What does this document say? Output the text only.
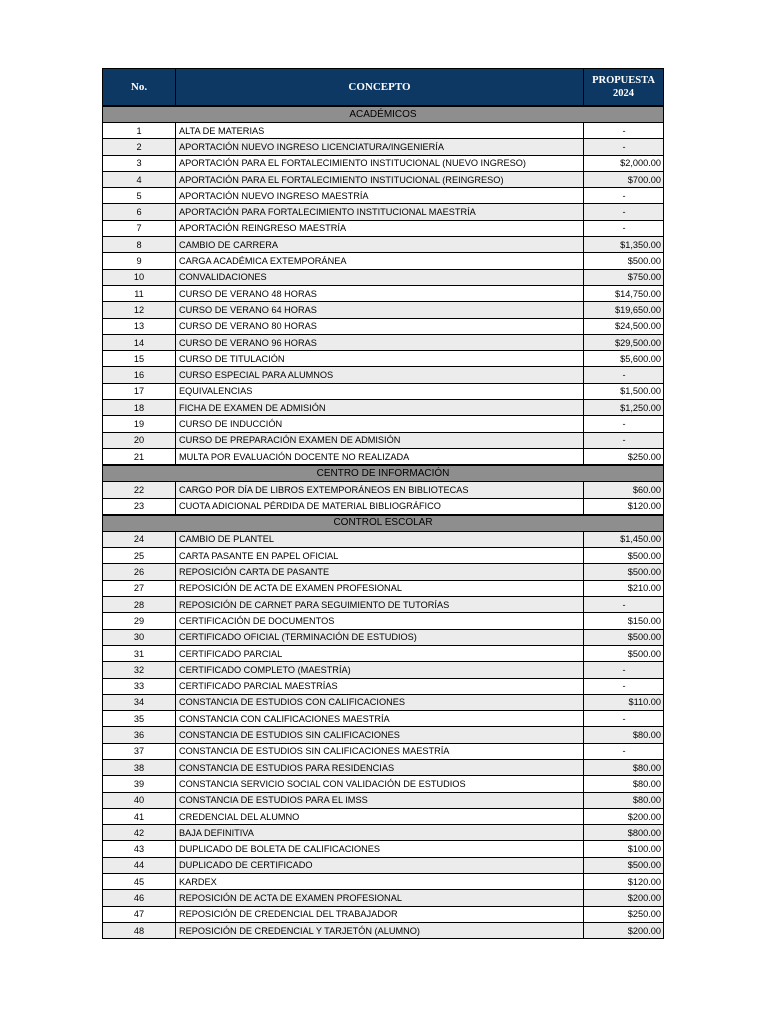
No.	CONCEPTO	PROPUESTA
2024
ACADÉMICOS		
1	ALTA DE MATERIAS	-
2	APORTACIÓN NUEVO INGRESO LICENCIATURA/INGENIERÍA	-
3	APORTACIÓN PARA EL FORTALECIMIENTO INSTITUCIONAL (NUEVO INGRESO)	$2,000.00
4	APORTACIÓN PARA EL FORTALECIMIENTO INSTITUCIONAL (REINGRESO)	$700.00
5	APORTACIÓN NUEVO INGRESO MAESTRÍA	-
6	APORTACIÓN PARA FORTALECIMIENTO INSTITUCIONAL MAESTRÍA	-
7	APORTACIÓN REINGRESO MAESTRÍA	-
8	CAMBIO DE CARRERA	$1,350.00
9	CARGA ACADÉMICA EXTEMPORÁNEA	$500.00
10	CONVALIDACIONES	$750.00
11	CURSO DE VERANO 48 HORAS	$14,750.00
12	CURSO DE VERANO 64 HORAS	$19,650.00
13	CURSO DE VERANO 80 HORAS	$24,500.00
14	CURSO DE VERANO 96 HORAS	$29,500.00
15	CURSO DE TITULACIÓN	$5,600.00
16	CURSO ESPECIAL PARA ALUMNOS	-
17	EQUIVALENCIAS	$1,500.00
18	FICHA DE EXAMEN DE ADMISIÓN	$1,250.00
19	CURSO DE INDUCCIÓN	-
20	CURSO DE PREPARACIÓN EXAMEN DE ADMISIÓN	-
21	MULTA POR EVALUACIÓN DOCENTE NO REALIZADA	$250.00
CENTRO DE INFORMACIÓN		
22	CARGO POR DÍA DE LIBROS EXTEMPORÁNEOS EN BIBLIOTECAS	$60.00
23	CUOTA ADICIONAL PÉRDIDA DE MATERIAL BIBLIOGRÁFICO	$120.00
CONTROL ESCOLAR		
24	CAMBIO DE PLANTEL	$1,450.00
25	CARTA PASANTE EN PAPEL OFICIAL	$500.00
26	REPOSICIÓN CARTA DE PASANTE	$500.00
27	REPOSICIÓN DE ACTA DE EXAMEN PROFESIONAL	$210.00
28	REPOSICIÓN DE CARNET PARA SEGUIMIENTO DE TUTORÍAS	-
29	CERTIFICACIÓN DE DOCUMENTOS	$150.00
30	CERTIFICADO OFICIAL (TERMINACIÓN DE ESTUDIOS)	$500.00
31	CERTIFICADO PARCIAL	$500.00
32	CERTIFICADO COMPLETO (MAESTRÍA)	-
33	CERTIFICADO PARCIAL MAESTRÍAS	-
34	CONSTANCIA DE ESTUDIOS CON CALIFICACIONES	$110.00
35	CONSTANCIA CON CALIFICACIONES MAESTRÍA	-
36	CONSTANCIA DE ESTUDIOS SIN CALIFICACIONES	$80.00
37	CONSTANCIA DE ESTUDIOS SIN CALIFICACIONES MAESTRÍA	-
38	CONSTANCIA DE ESTUDIOS PARA RESIDENCIAS	$80.00
39	CONSTANCIA SERVICIO SOCIAL CON VALIDACIÓN DE ESTUDIOS	$80.00
40	CONSTANCIA DE ESTUDIOS PARA EL IMSS	$80.00
41	CREDENCIAL DEL ALUMNO	$200.00
42	BAJA DEFINITIVA	$800.00
43	DUPLICADO DE BOLETA DE CALIFICACIONES	$100.00
44	DUPLICADO DE CERTIFICADO	$500.00
45	KARDEX	$120.00
46	REPOSICIÓN DE ACTA DE EXAMEN PROFESIONAL	$200.00
47	REPOSICIÓN DE CREDENCIAL DEL TRABAJADOR	$250.00
48	REPOSICIÓN DE CREDENCIAL Y TARJETÓN (ALUMNO)	$200.00
